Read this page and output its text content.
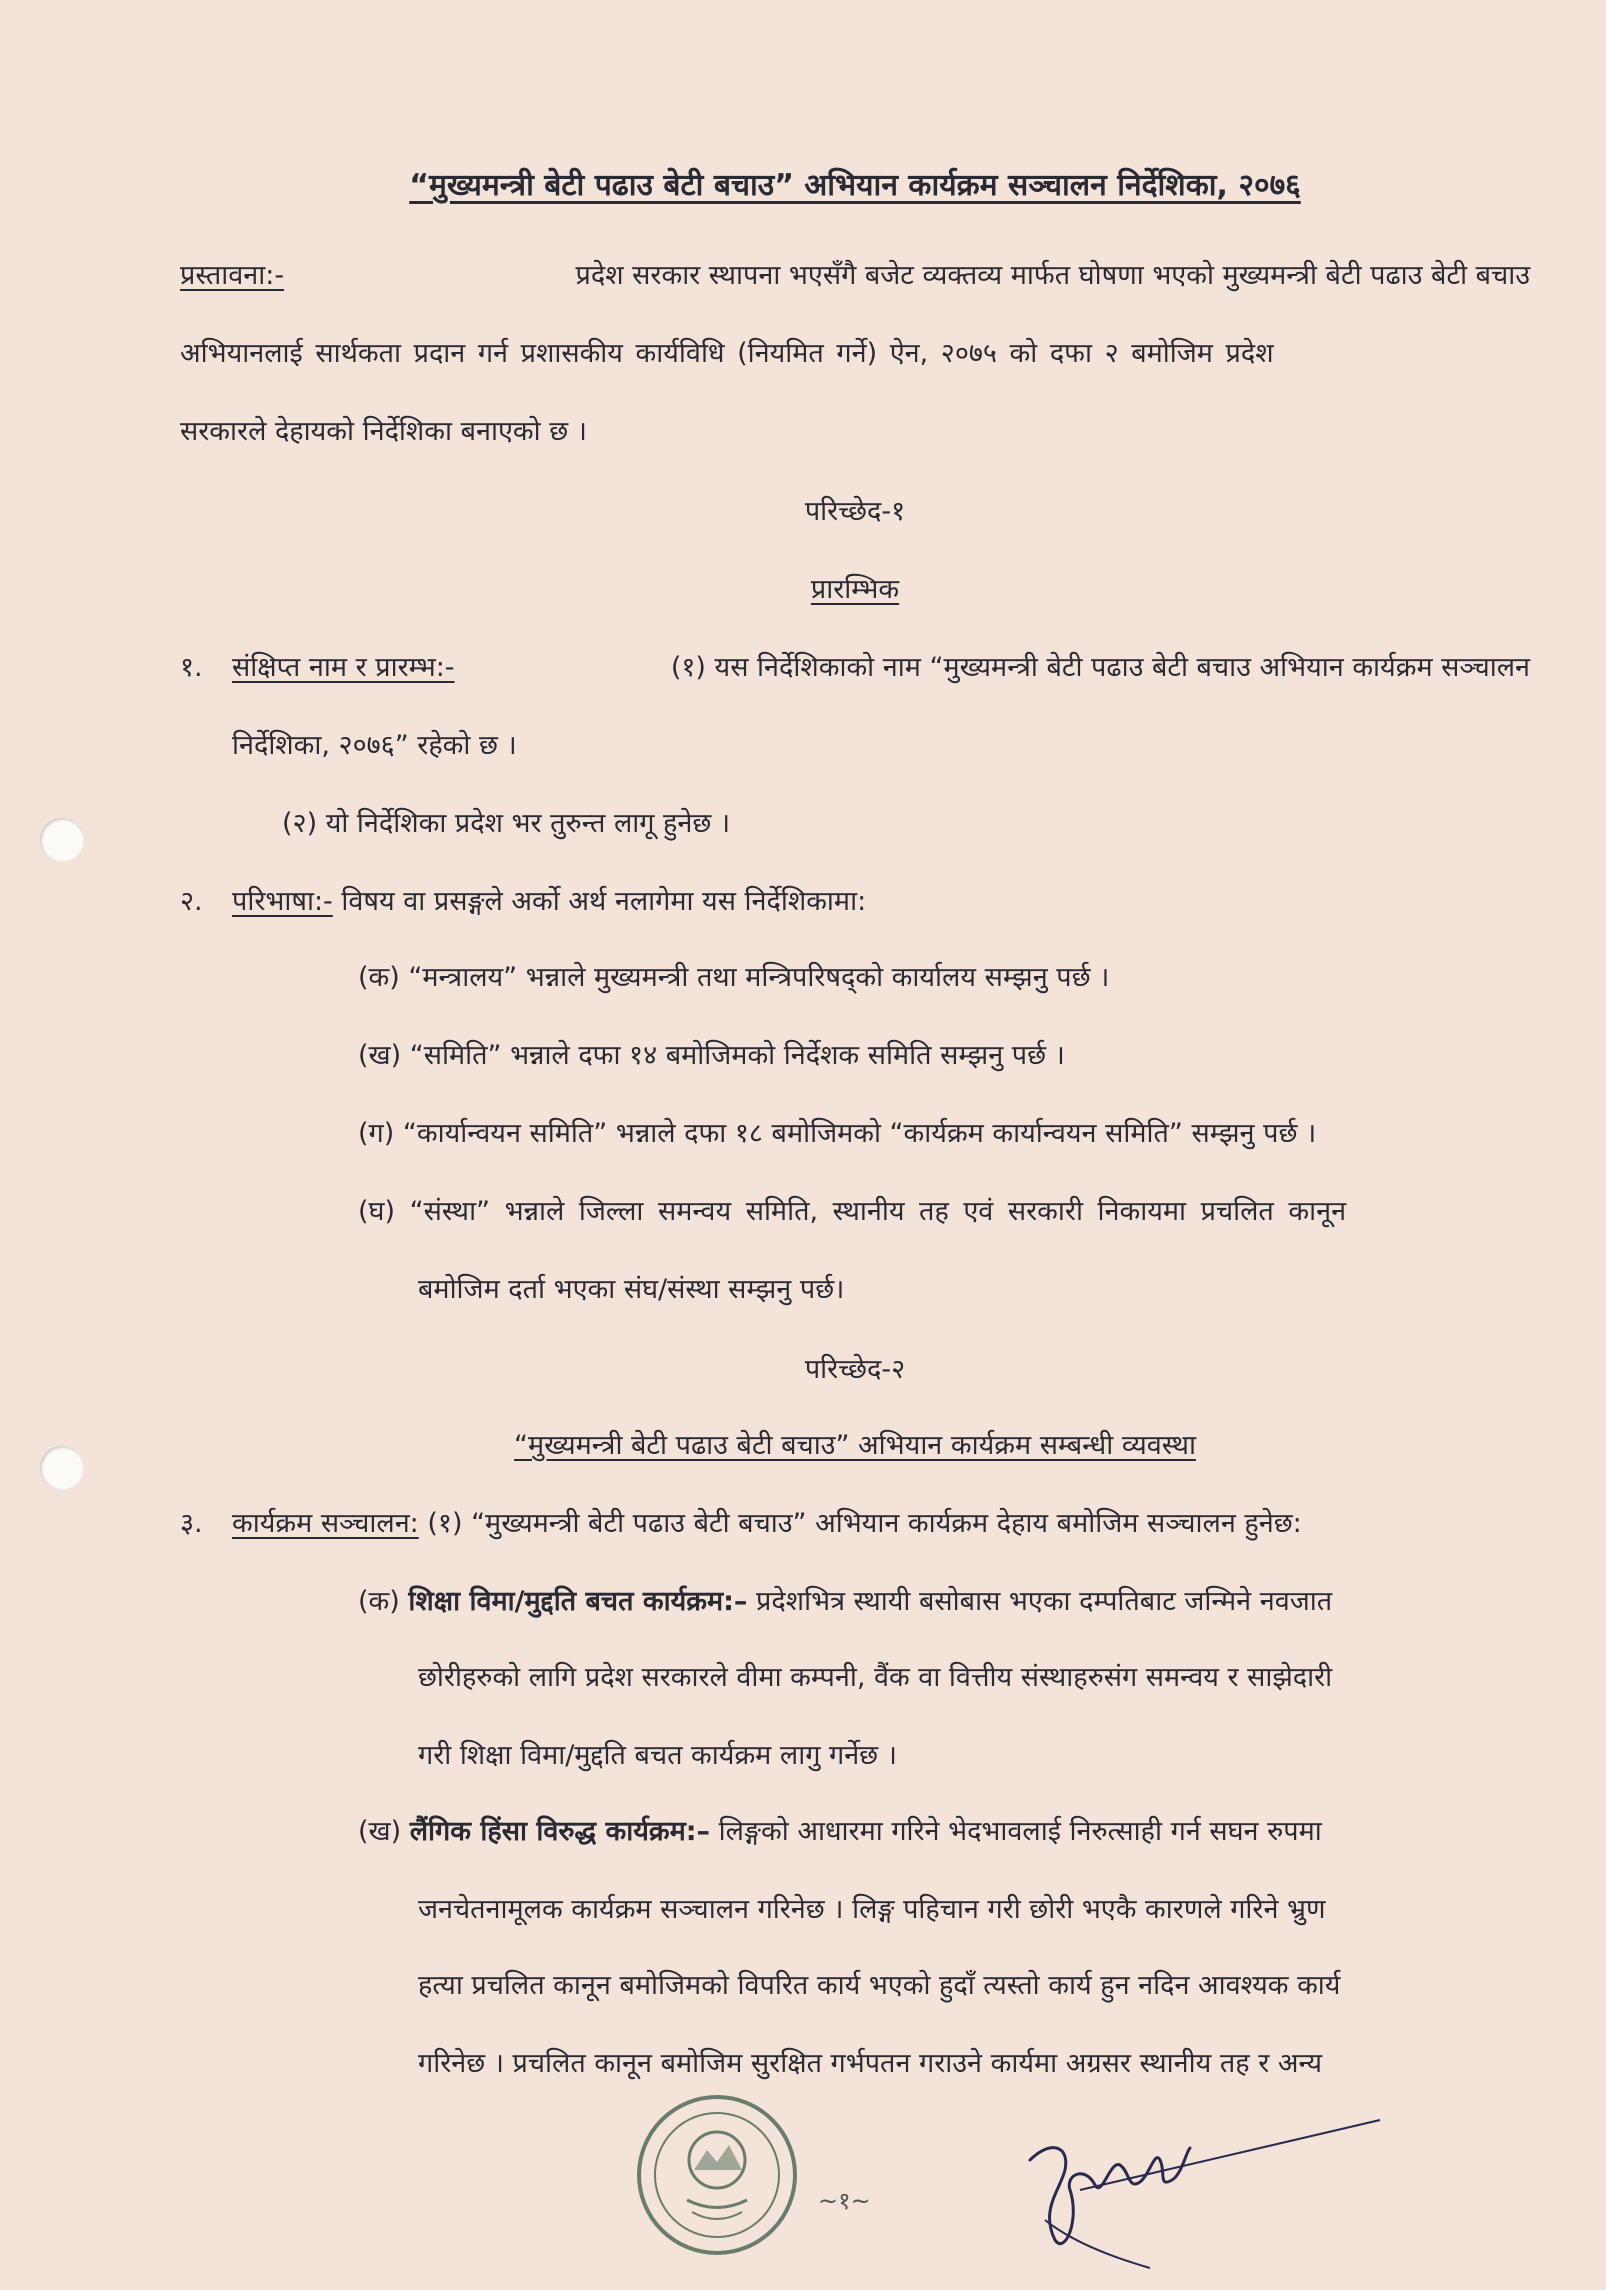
“मुख्यमन्त्री बेटी पढाउ बेटी बचाउ” अभियान कार्यक्रम सञ्चालन निर्देशिका, २०७६
प्रस्तावना:-	प्रदेश सरकार स्थापना भएसँगै बजेट व्यक्तव्य मार्फत घोषणा भएको मुख्यमन्त्री बेटी पढाउ बेटी बचाउ
अभियानलाई सार्थकता प्रदान गर्न प्रशासकीय कार्यविधि (नियमित गर्ने) ऐन, २०७५ को दफा २ बमोजिम प्रदेश
सरकारले देहायको निर्देशिका बनाएको छ ।
परिच्छेद-१
प्रारम्भिक
१. संक्षिप्त नाम र प्रारम्भ:-	(१) यस निर्देशिकाको नाम “मुख्यमन्त्री बेटी पढाउ बेटी बचाउ अभियान कार्यक्रम सञ्चालन
निर्देशिका, २०७६” रहेको छ ।
(२) यो निर्देशिका प्रदेश भर तुरुन्त लागू हुनेछ ।
२. परिभाषा:- विषय वा प्रसङ्गले अर्को अर्थ नलागेमा यस निर्देशिकामा:
(क) “मन्त्रालय” भन्नाले मुख्यमन्त्री तथा मन्त्रिपरिषद्को कार्यालय सम्झनु पर्छ ।
(ख) “समिति” भन्नाले दफा १४ बमोजिमको निर्देशक समिति सम्झनु पर्छ ।
(ग) “कार्यान्वयन समिति” भन्नाले दफा १८ बमोजिमको “कार्यक्रम कार्यान्वयन समिति” सम्झनु पर्छ ।
(घ) “संस्था” भन्नाले जिल्ला समन्वय समिति, स्थानीय तह एवं सरकारी निकायमा प्रचलित कानून
बमोजिम दर्ता भएका संघ/संस्था सम्झनु पर्छ।
परिच्छेद-२
“मुख्यमन्त्री बेटी पढाउ बेटी बचाउ” अभियान कार्यक्रम सम्बन्धी व्यवस्था
३. कार्यक्रम सञ्चालन: (१) “मुख्यमन्त्री बेटी पढाउ बेटी बचाउ” अभियान कार्यक्रम देहाय बमोजिम सञ्चालन हुनेछ:
(क) शिक्षा विमा/मुद्दति बचत कार्यक्रम:– प्रदेशभित्र स्थायी बसोबास भएका दम्पतिबाट जन्मिने नवजात
छोरीहरुको लागि प्रदेश सरकारले वीमा कम्पनी, वैंक वा वित्तीय संस्थाहरुसंग समन्वय र साझेदारी
गरी शिक्षा विमा/मुद्दति बचत कार्यक्रम लागु गर्नेछ ।
(ख) लैंगिक हिंसा विरुद्ध कार्यक्रम:– लिङ्गको आधारमा गरिने भेदभावलाई निरुत्साही गर्न सघन रुपमा
जनचेतनामूलक कार्यक्रम सञ्चालन गरिनेछ । लिङ्ग पहिचान गरी छोरी भएकै कारणले गरिने भ्रुण
हत्या प्रचलित कानून बमोजिमको विपरित कार्य भएको हुदाँ त्यस्तो कार्य हुन नदिन आवश्यक कार्य
गरिनेछ । प्रचलित कानून बमोजिम सुरक्षित गर्भपतन गराउने कार्यमा अग्रसर स्थानीय तह र अन्य
~१~
